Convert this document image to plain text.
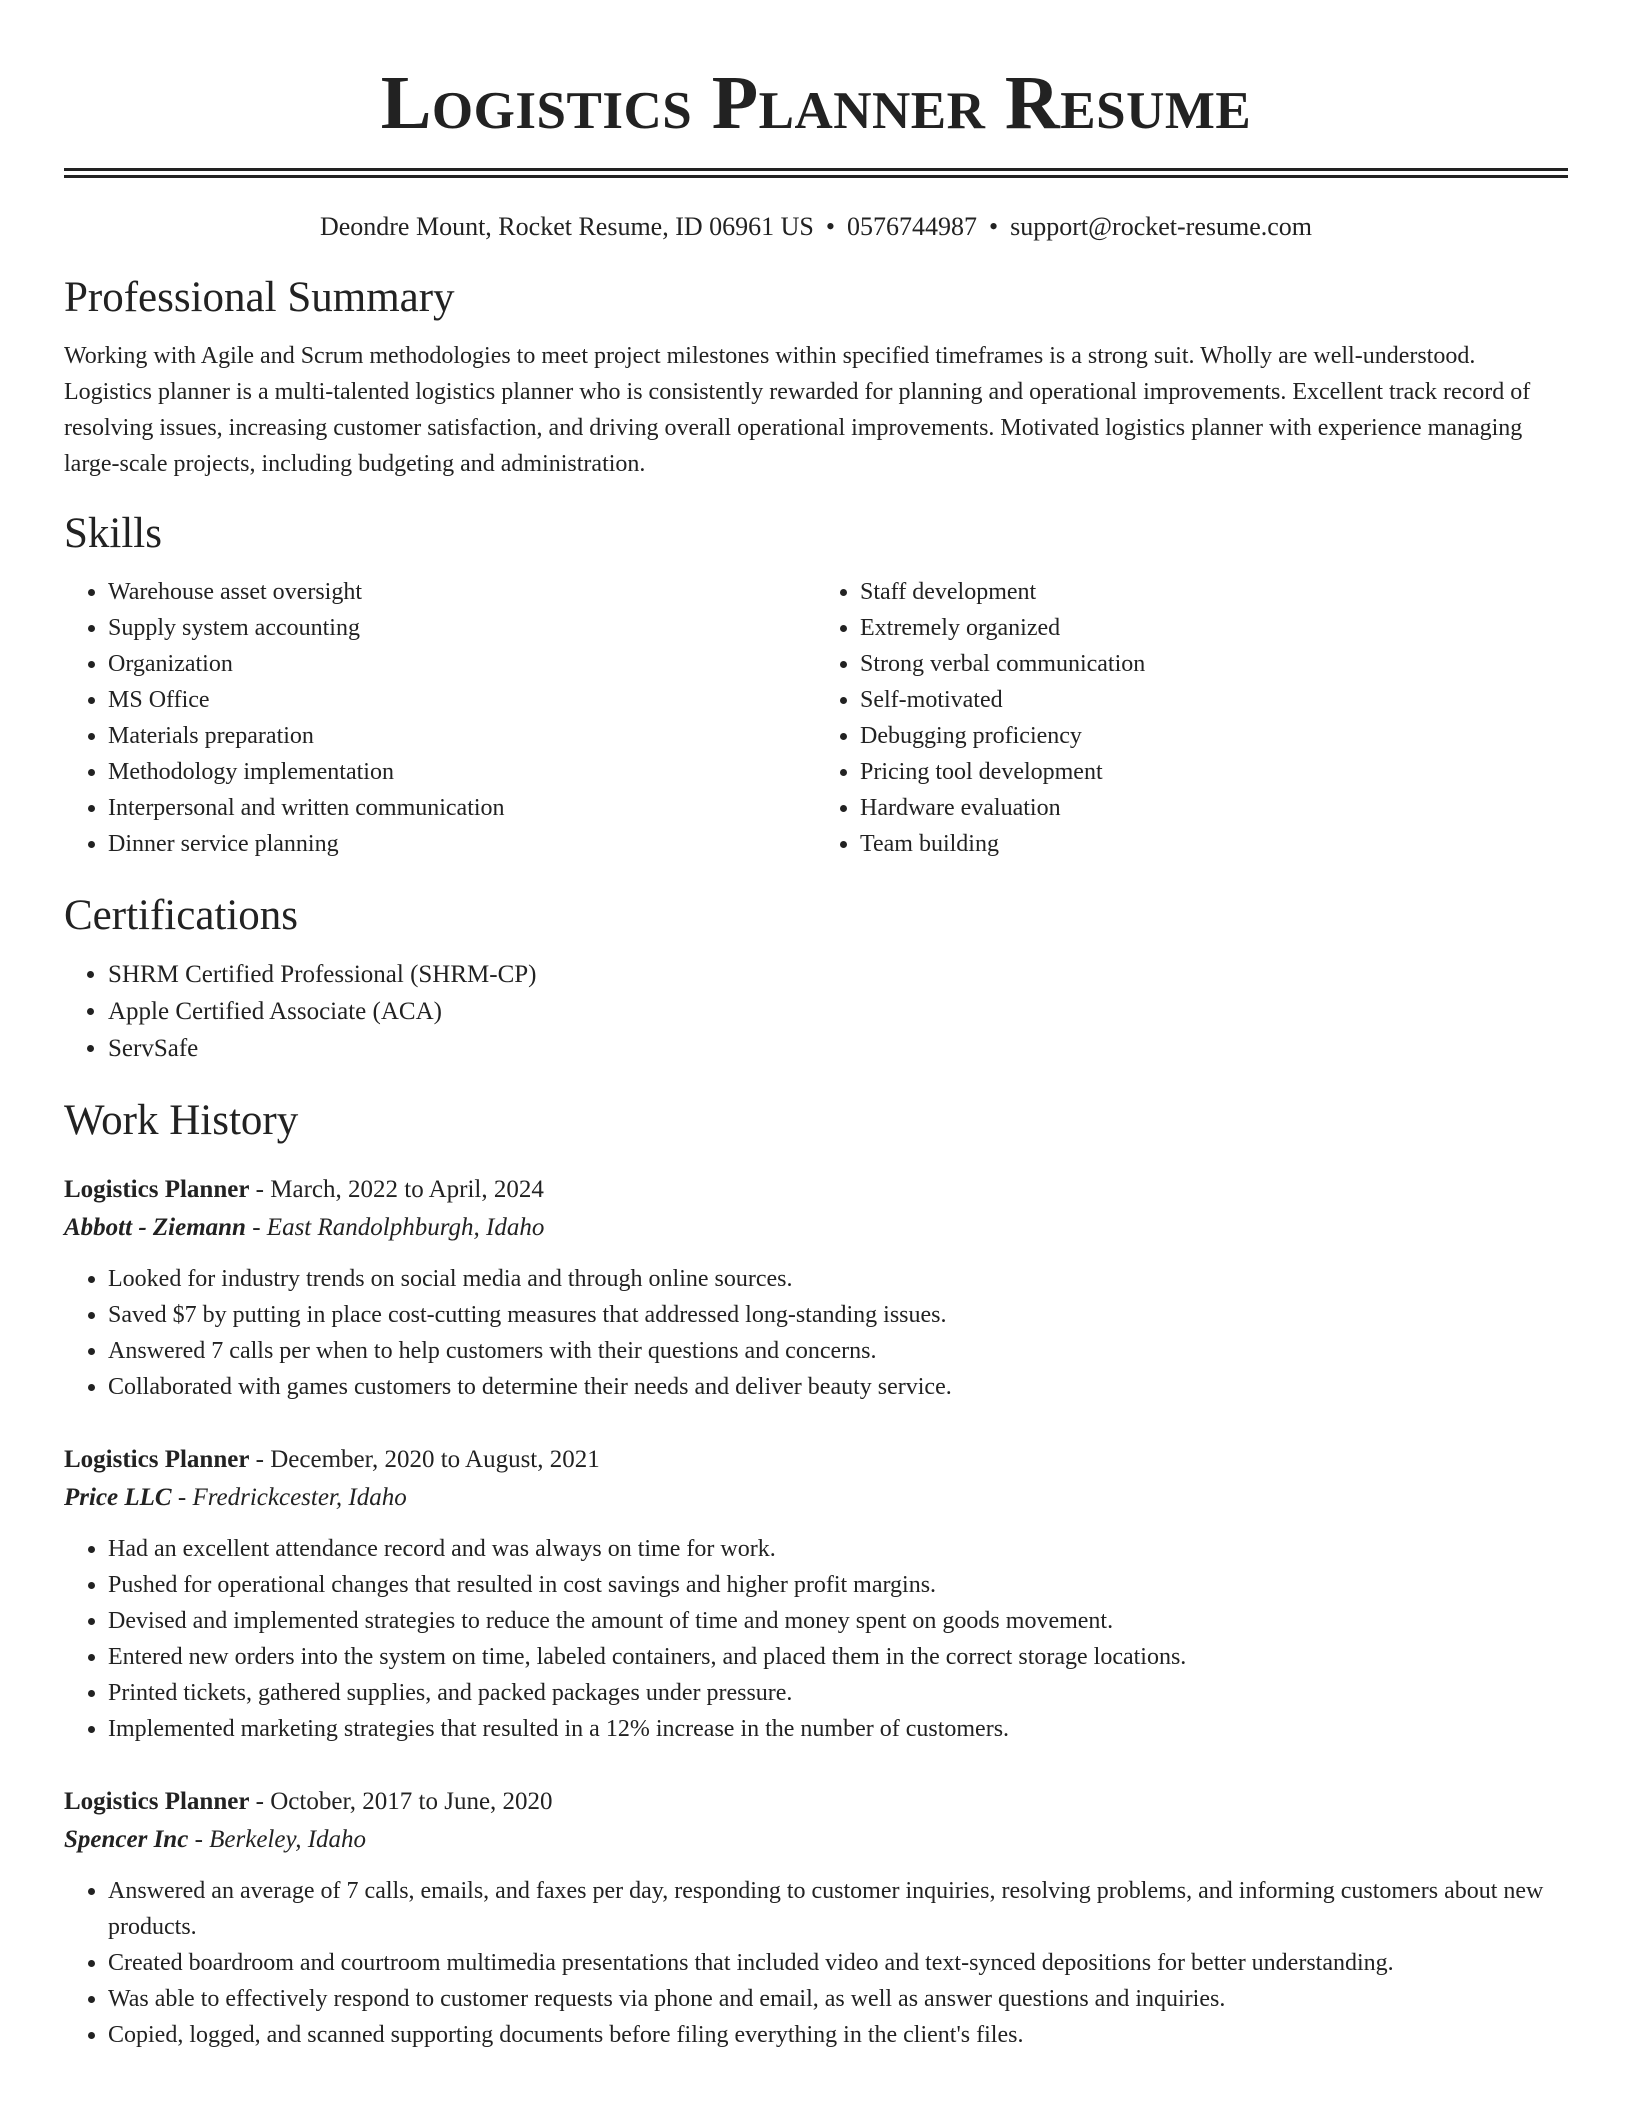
Logistics Planner Resume
Deondre Mount, Rocket Resume, ID 06961 US • 0576744987 • support@rocket-resume.com
Professional Summary

Working with Agile and Scrum methodologies to meet project milestones within specified timeframes is a strong suit. Wholly are well-understood. Logistics planner is a multi-talented logistics planner who is consistently rewarded for planning and operational improvements. Excellent track record of resolving issues, increasing customer satisfaction, and driving overall operational improvements. Motivated logistics planner with experience managing large-scale projects, including budgeting and administration.

Skills
• Warehouse asset oversight
• Supply system accounting
• Organization
• MS Office
• Materials preparation
• Methodology implementation
• Interpersonal and written communication
• Dinner service planning
• Staff development
• Extremely organized
• Strong verbal communication
• Self-motivated
• Debugging proficiency
• Pricing tool development
• Hardware evaluation
• Team building
Certifications
• SHRM Certified Professional (SHRM-CP)
• Apple Certified Associate (ACA)
• ServSafe
Work History
Logistics Planner - March, 2022 to April, 2024
Abbott - Ziemann - East Randolphburgh, Idaho
• Looked for industry trends on social media and through online sources.
• Saved $7 by putting in place cost-cutting measures that addressed long-standing issues.
• Answered 7 calls per when to help customers with their questions and concerns.
• Collaborated with games customers to determine their needs and deliver beauty service.
Logistics Planner - December, 2020 to August, 2021
Price LLC - Fredrickcester, Idaho
• Had an excellent attendance record and was always on time for work.
• Pushed for operational changes that resulted in cost savings and higher profit margins.
• Devised and implemented strategies to reduce the amount of time and money spent on goods movement.
• Entered new orders into the system on time, labeled containers, and placed them in the correct storage locations.
• Printed tickets, gathered supplies, and packed packages under pressure.
• Implemented marketing strategies that resulted in a 12% increase in the number of customers.
Logistics Planner - October, 2017 to June, 2020
Spencer Inc - Berkeley, Idaho
• Answered an average of 7 calls, emails, and faxes per day, responding to customer inquiries, resolving problems, and informing customers about new products.
• Created boardroom and courtroom multimedia presentations that included video and text-synced depositions for better understanding.
• Was able to effectively respond to customer requests via phone and email, as well as answer questions and inquiries.
• Copied, logged, and scanned supporting documents before filing everything in the client's files.
